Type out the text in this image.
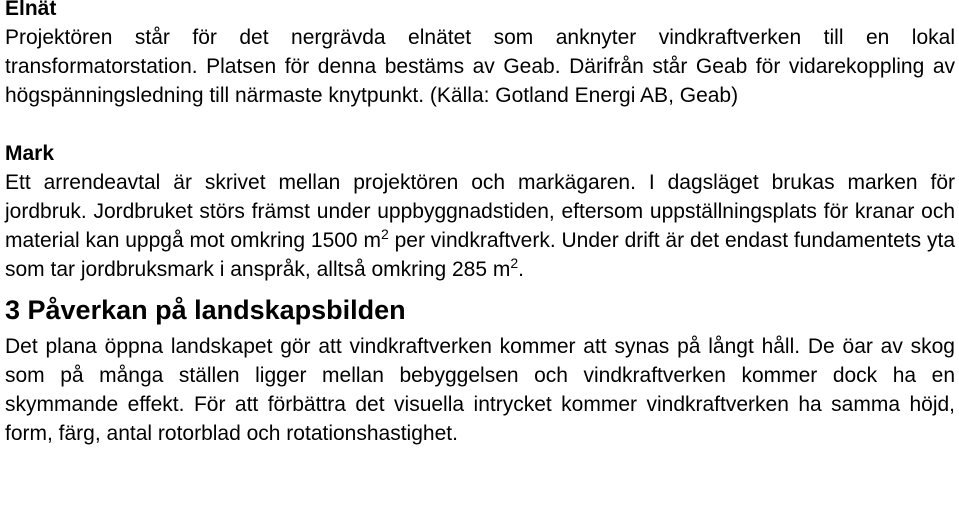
Elnät

Projektören står för det nergrävda elnätet som anknyter vindkraftverken till en lokal transformatorstation. Platsen för denna bestäms av Geab. Därifrån står Geab för vidarekoppling av högspänningsledning till närmaste knytpunkt. (Källa: Gotland Energi AB, Geab)

Mark

Ett arrendeavtal är skrivet mellan projektören och markägaren. I dagsläget brukas marken för jordbruk. Jordbruket störs främst under uppbyggnadstiden, eftersom uppställningsplats för kranar och material kan uppgå mot omkring 1500 $m^2$ per vindkraftverk. Under drift är det endast fundamentets yta som tar jordbruksmark i anspråk, alltså omkring 285 $m^2$.

3 Påverkan på landskapsbilden

Det plana öppna landskapet gör att vindkraftverken kommer att synas på långt håll. De öar av skog som på många ställen ligger mellan bebyggelsen och vindkraftverken kommer dock ha en skymmande effekt. För att förbättra det visuella intrycket kommer vindkraftverken ha samma höjd, form, färg, antal rotorblad och rotationshastighet.
